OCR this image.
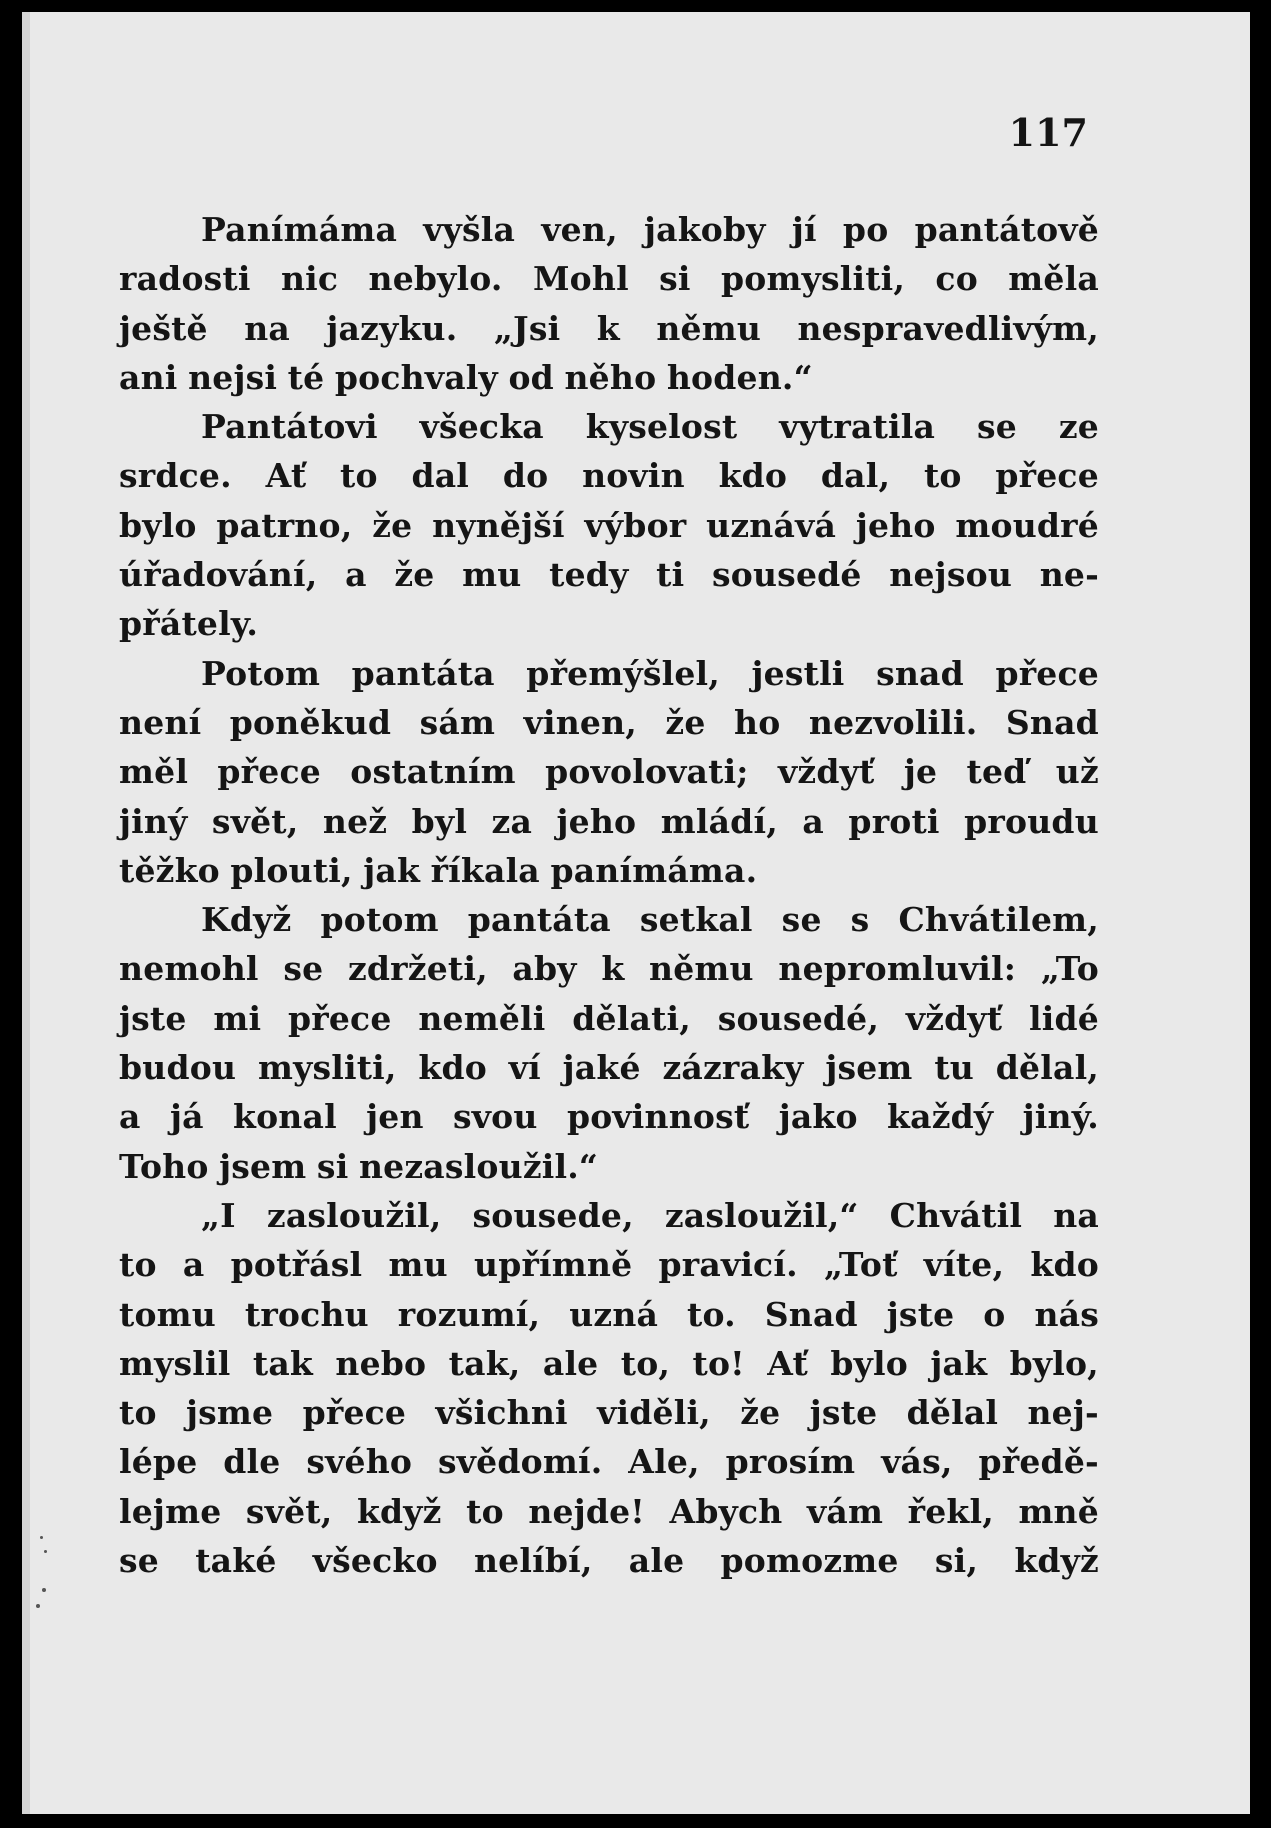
117

Panímáma vyšla ven, jakoby jí po pantátově
radosti nic nebylo. Mohl si pomysliti, co měla
ještě na jazyku. „Jsi k němu nespravedlivým,
ani nejsi té pochvaly od něho hoden.“
Pantátovi všecka kyselost vytratila se ze
srdce. Ať to dal do novin kdo dal, to přece
bylo patrno, že nynější výbor uznává jeho moudré
úřadování, a že mu tedy ti sousedé nejsou ne-
přátely.
Potom pantáta přemýšlel, jestli snad přece
není poněkud sám vinen, že ho nezvolili. Snad
měl přece ostatním povolovati; vždyť je teď už
jiný svět, než byl za jeho mládí, a proti proudu
těžko plouti, jak říkala panímáma.
Když potom pantáta setkal se s Chvátilem,
nemohl se zdržeti, aby k němu nepromluvil: „To
jste mi přece neměli dělati, sousedé, vždyť lidé
budou mysliti, kdo ví jaké zázraky jsem tu dělal,
a já konal jen svou povinnosť jako každý jiný.
Toho jsem si nezasloužil.“
„I zasloužil, sousede, zasloužil,“ Chvátil na
to a potřásl mu upřímně pravicí. „Toť víte, kdo
tomu trochu rozumí, uzná to. Snad jste o nás
myslil tak nebo tak, ale to, to! Ať bylo jak bylo,
to jsme přece všichni viděli, že jste dělal nej-
lépe dle svého svědomí. Ale, prosím vás, předě-
lejme svět, když to nejde! Abych vám řekl, mně
se také všecko nelíbí, ale pomozme si, když
